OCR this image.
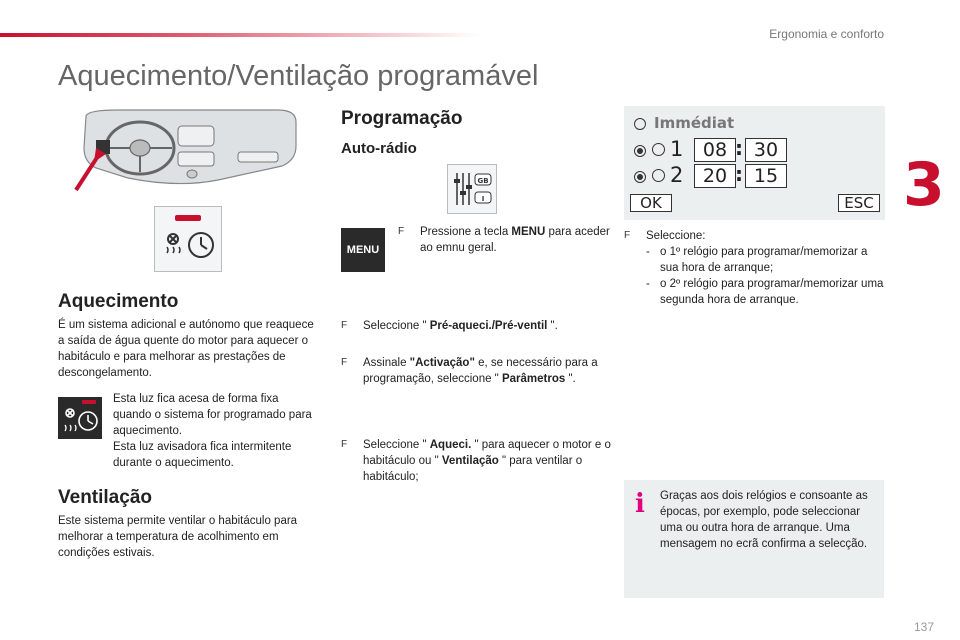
Ergonomia e conforto
3
Aquecimento/Ventilação programável
Aquecimento
É um sistema adicional e autónomo que reaquece a saída de água quente do motor para aquecer o habitáculo e para melhorar as prestações de descongelamento.
Esta luz fica acesa de forma fixa quando o sistema for programado para aquecimento.
Esta luz avisadora fica intermitente durante o aquecimento.
Ventilação
Este sistema permite ventilar o habitáculo para melhorar a temperatura de acolhimento em condições estivais.
Programação
Auto-rádio
GB
I
MENU
F Pressione a tecla MENU para aceder ao emnu geral.
F Seleccione " Pré-aqueci./Pré-ventil ".
F Assinale "Activação" e, se necessário para a programação, seleccione " Parâmetros ".
F Seleccione " Aqueci. " para aquecer o motor e o habitáculo ou " Ventilação " para ventilar o habitáculo;
Immédiat
1	08 : 30
2	20 : 15
OK	ESC
F Seleccione:
- o 1º relógio para programar/memorizar a sua hora de arranque;
- o 2º relógio para programar/memorizar uma segunda hora de arranque.
i Graças aos dois relógios e consoante as épocas, por exemplo, pode seleccionar uma ou outra hora de arranque. Uma mensagem no ecrã confirma a selecção.
137
